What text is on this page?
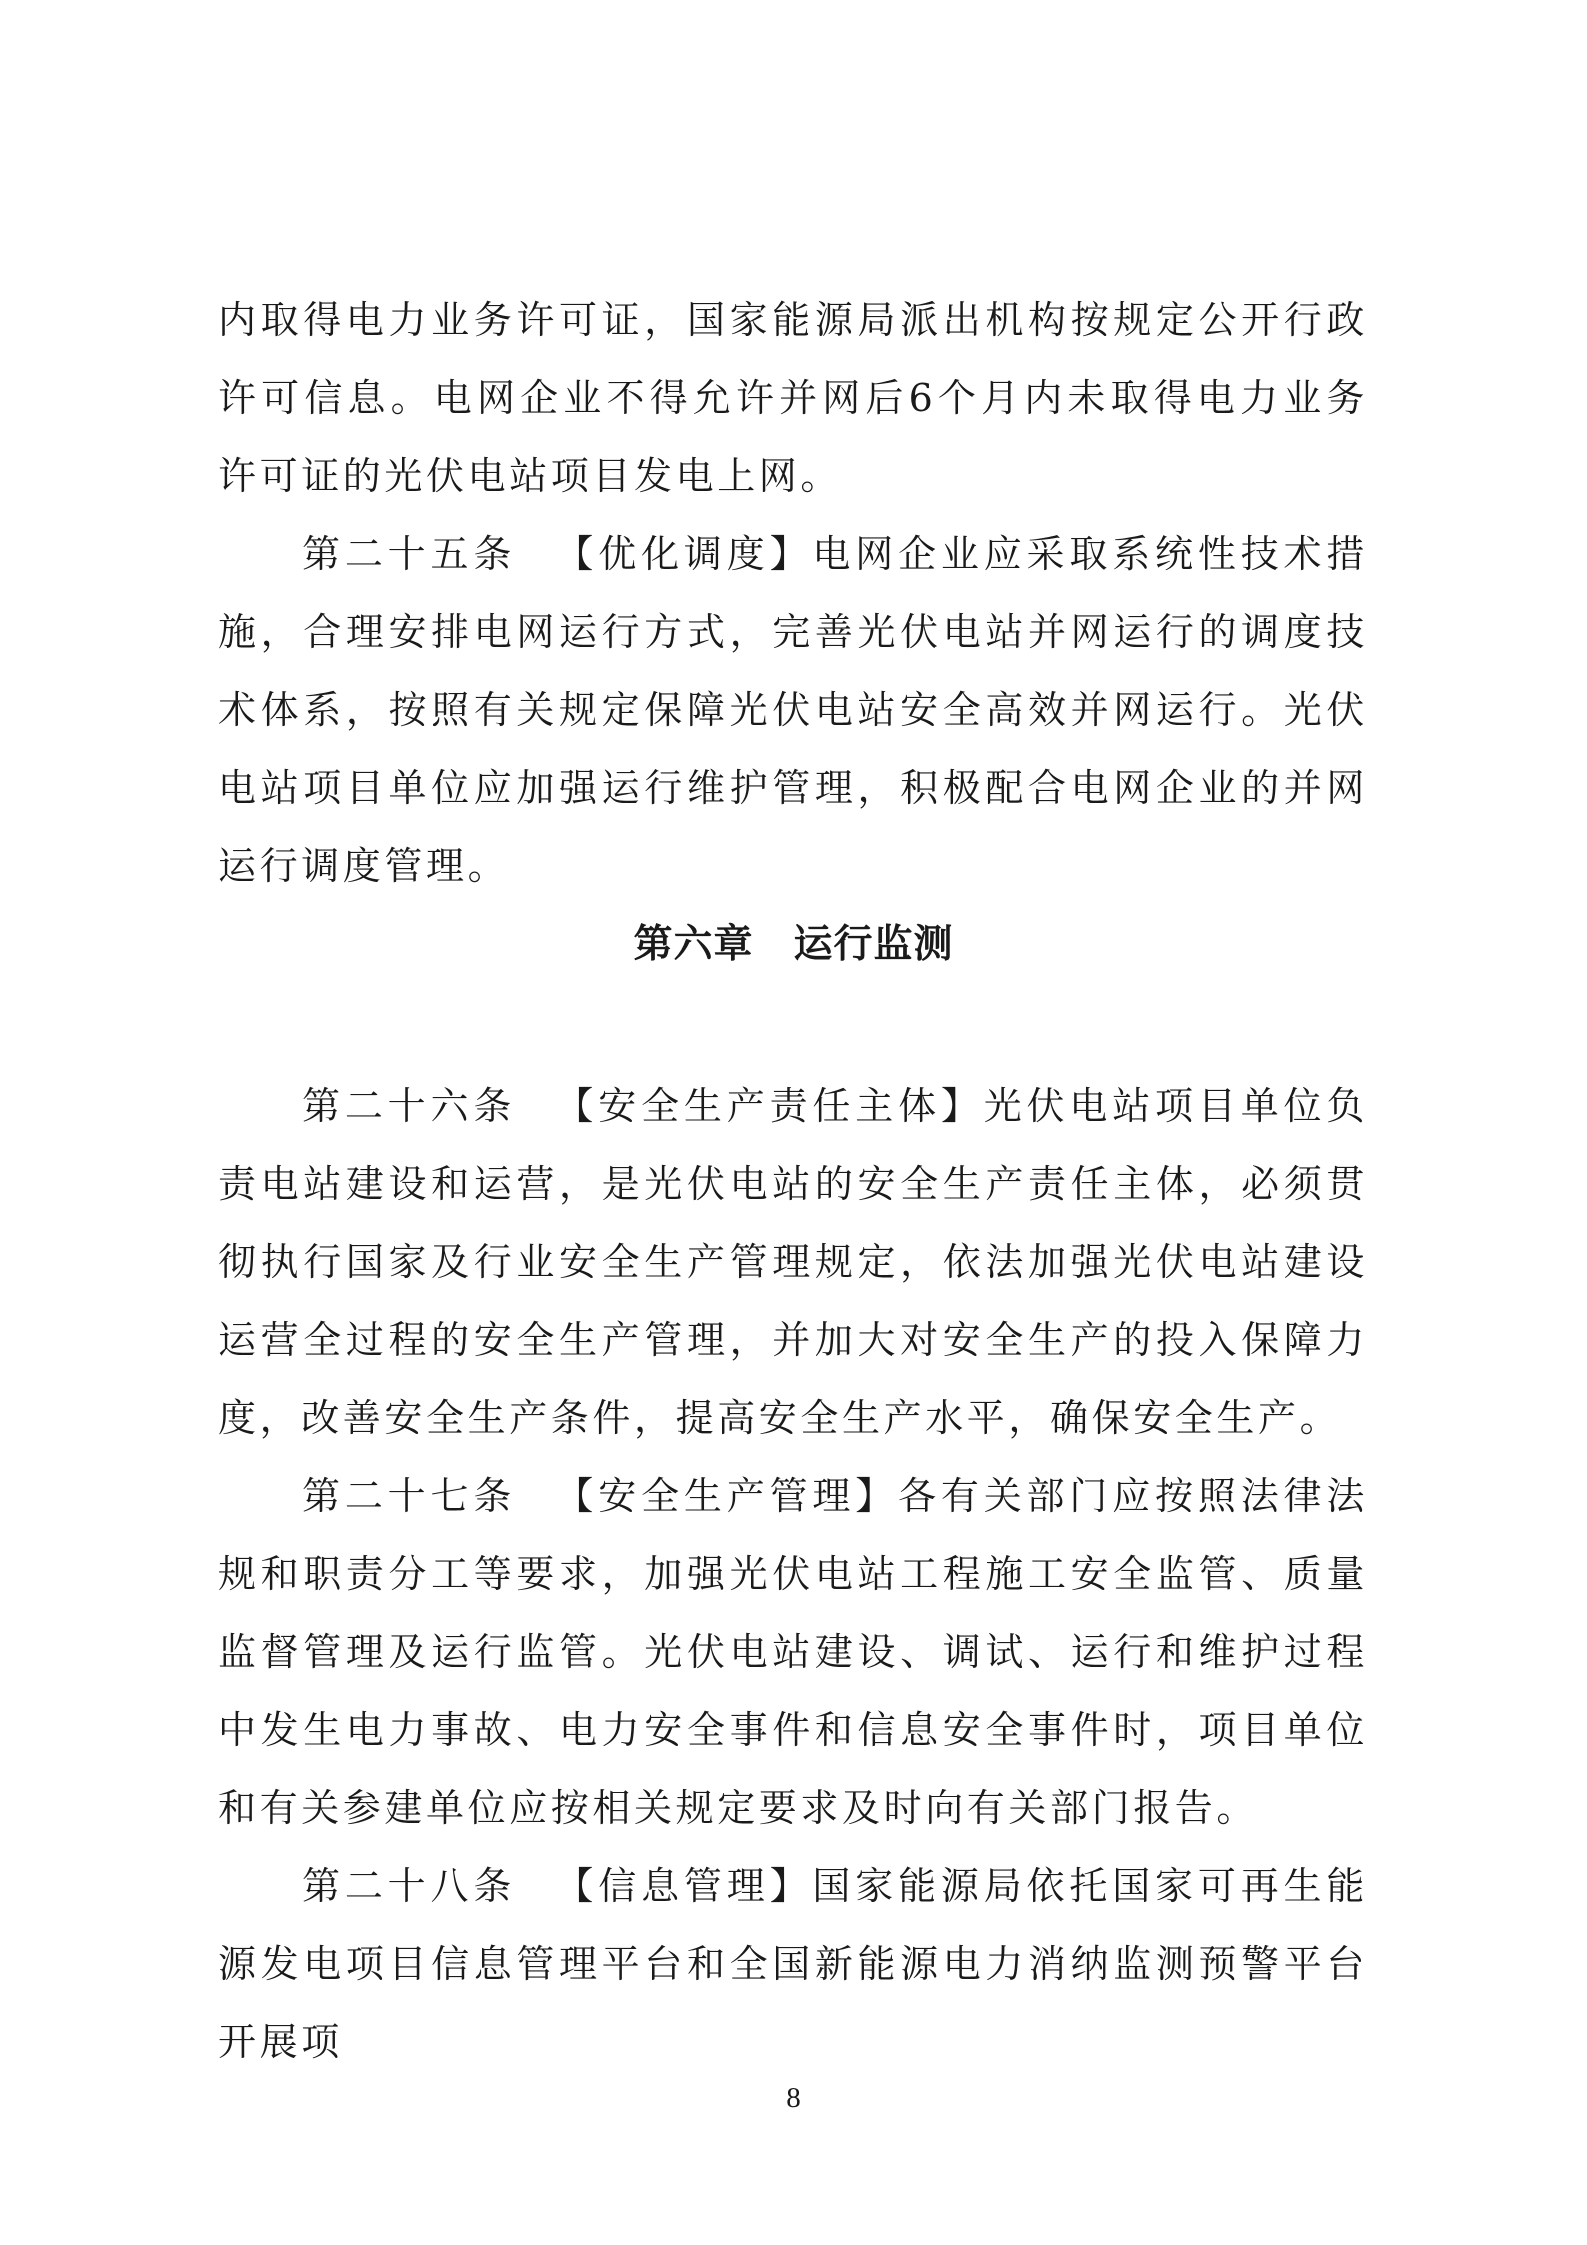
内取得电力业务许可证，国家能源局派出机构按规定公开行政许可信息。电网企业不得允许并网后6个月内未取得电力业务许可证的光伏电站项目发电上网。

第二十五条 【优化调度】电网企业应采取系统性技术措施，合理安排电网运行方式，完善光伏电站并网运行的调度技术体系，按照有关规定保障光伏电站安全高效并网运行。光伏电站项目单位应加强运行维护管理，积极配合电网企业的并网运行调度管理。

第六章 运行监测

第二十六条 【安全生产责任主体】光伏电站项目单位负责电站建设和运营，是光伏电站的安全生产责任主体，必须贯彻执行国家及行业安全生产管理规定，依法加强光伏电站建设运营全过程的安全生产管理，并加大对安全生产的投入保障力度，改善安全生产条件，提高安全生产水平，确保安全生产。

第二十七条 【安全生产管理】各有关部门应按照法律法规和职责分工等要求，加强光伏电站工程施工安全监管、质量监督管理及运行监管。光伏电站建设、调试、运行和维护过程中发生电力事故、电力安全事件和信息安全事件时，项目单位和有关参建单位应按相关规定要求及时向有关部门报告。

第二十八条 【信息管理】国家能源局依托国家可再生能源发电项目信息管理平台和全国新能源电力消纳监测预警平台开展项

8
